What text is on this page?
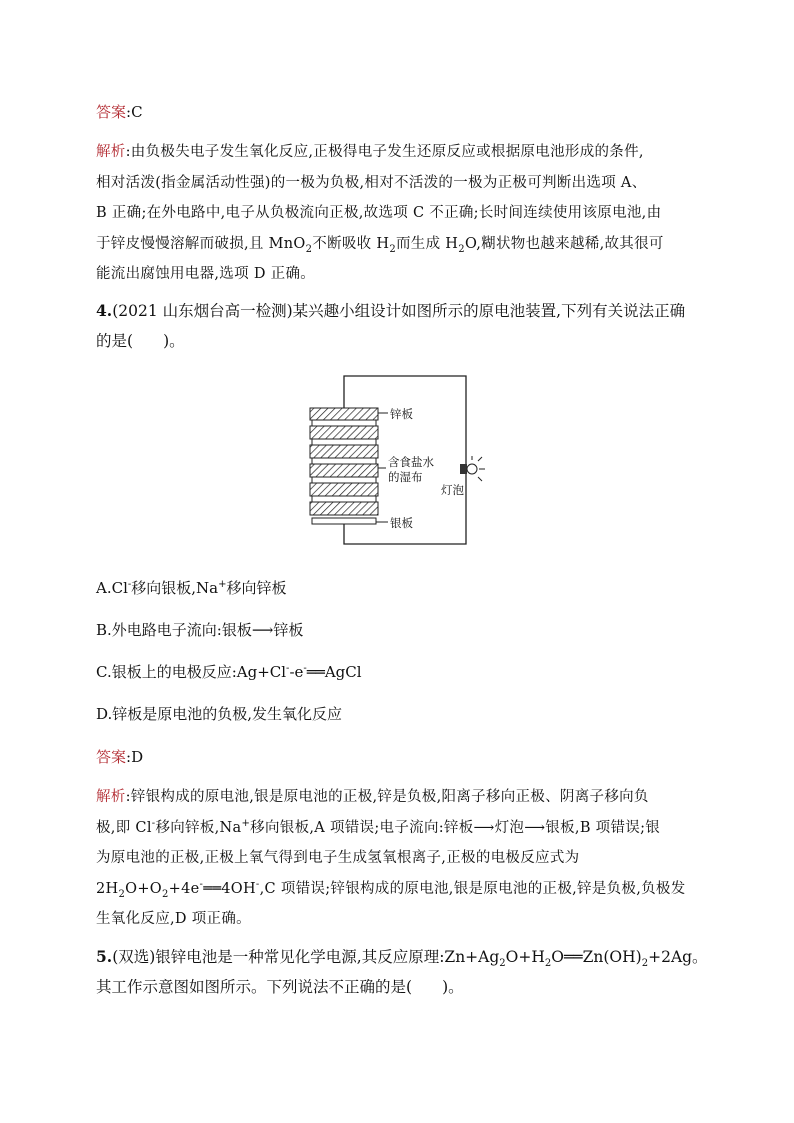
答案:C
解析:由负极失电子发生氧化反应,正极得电子发生还原反应或根据原电池形成的条件,
相对活泼(指金属活动性强)的一极为负极,相对不活泼的一极为正极可判断出选项 A、
B 正确;在外电路中,电子从负极流向正极,故选项 C 不正确;长时间连续使用该原电池,由
于锌皮慢慢溶解而破损,且 MnO$_2$不断吸收 $H_2$而生成 $H_2O$,糊状物也越来越稀,故其很可
能流出腐蚀用电器,选项 D 正确。
4.(2021 山东烟台高一检测)某兴趣小组设计如图所示的原电池装置,下列有关说法正确
的是( )。
锌板
含食盐水
的湿布
灯泡
银板
A.Cl-移向银板,Na+移向锌板
B.外电路电子流向:银板⟶锌板
C.银板上的电极反应:Ag+Cl--e-══AgCl
D.锌板是原电池的负极,发生氧化反应
答案:D
解析:锌银构成的原电池,银是原电池的正极,锌是负极,阳离子移向正极、阴离子移向负
极,即 Cl-移向锌板,Na+移向银板,A 项错误;电子流向:锌板⟶灯泡⟶银板,B 项错误;银
为原电池的正极,正极上氧气得到电子生成氢氧根离子,正极的电极反应式为
$2H_2O+O_2+4e^-══4OH^-,C$ 项错误;锌银构成的原电池,银是原电池的正极,锌是负极,负极发
生氧化反应,D 项正确。
5.(双选)银锌电池是一种常见化学电源,其反应原理$:Zn+Ag_2O+H_2O══Zn(OH)_2+2Ag$。
其工作示意图如图所示。下列说法不正确的是( )。
